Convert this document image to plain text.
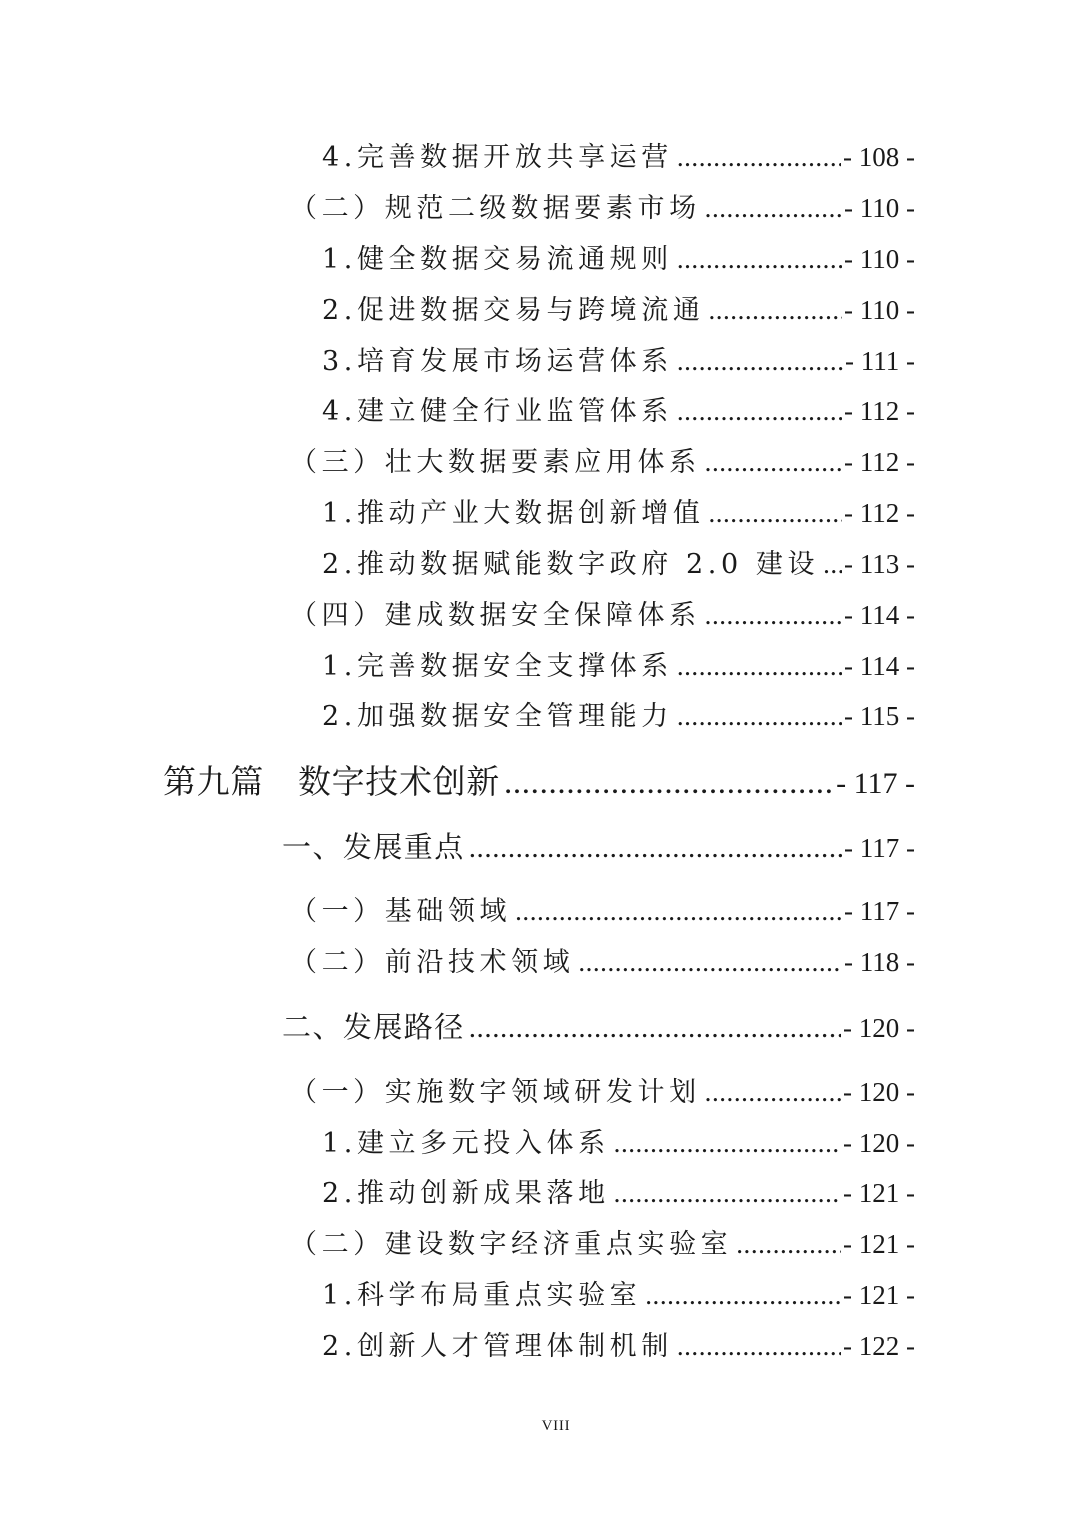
4.完善数据开放共享运营 .....	- 108 -
（二）规范二级数据要素市场 .....	- 110 -
1.健全数据交易流通规则 .....	- 110 -
2.促进数据交易与跨境流通 .....	- 110 -
3.培育发展市场运营体系 .....	- 111 -
4.建立健全行业监管体系 .....	- 112 -
（三）壮大数据要素应用体系 .....	- 112 -
1.推动产业大数据创新增值 .....	- 112 -
2.推动数据赋能数字政府 2.0 建设 ..... - 113 -
（四）建成数据安全保障体系 .....	- 114 -
1.完善数据安全支撑体系 .....	- 114 -
2.加强数据安全管理能力 .....	- 115 -
第九篇 数字技术创新 .....	- 117 -
一、发展重点 .....	- 117 -
（一）基础领域 .....	- 117 -
（二）前沿技术领域 .....	- 118 -
二、发展路径 .....	- 120 -
（一）实施数字领域研发计划 .....	- 120 -
1.建立多元投入体系 .....	- 120 -
2.推动创新成果落地 .....	- 121 -
（二）建设数字经济重点实验室 .....	- 121 -
1.科学布局重点实验室 .....	- 121 -
2.创新人才管理体制机制 .....	- 122 -
VIII
